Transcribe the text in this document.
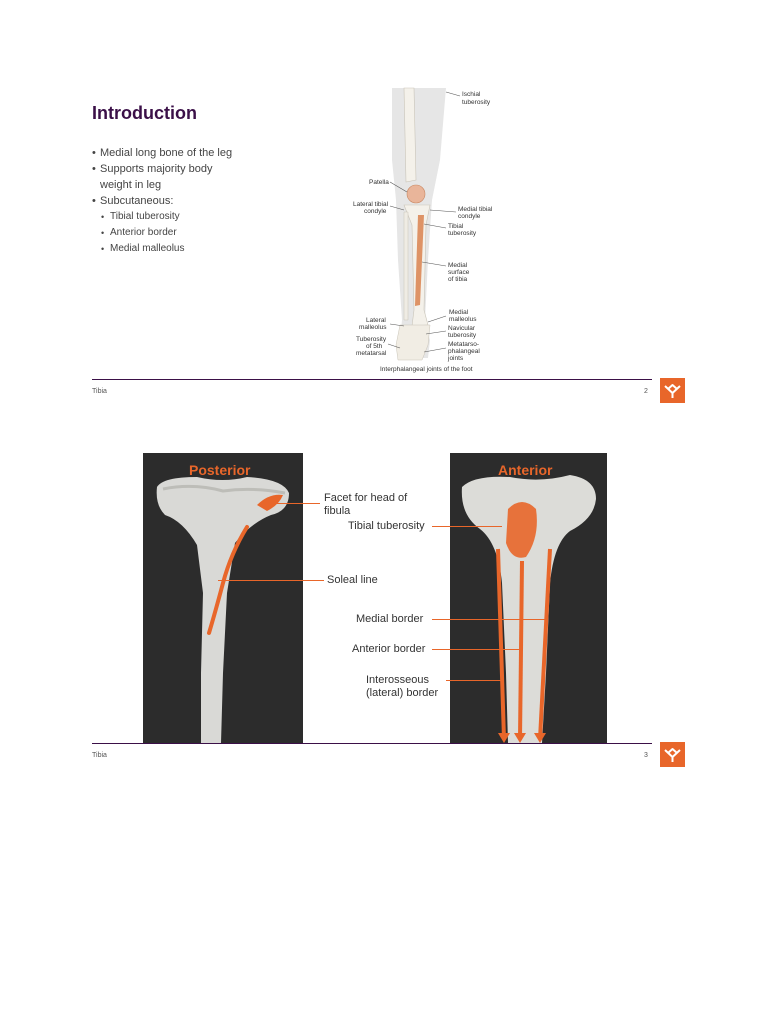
Introduction
• Medial long bone of the leg
• Supports majority body
weight in leg
• Subcutaneous:
• Tibial tuberosity
• Anterior border
• Medial malleolus
Ischial
tuberosity
Patella
Lateral tibial
condyle	Medial tibial
condyle
Tibial
tuberosity
Medial
surface
of tibia
Medial
malleolus
Lateral
malleolus	Navicular
tuberosity
Tuberosity
of 5th
metatarsal
Metatarso-
phalangeal
joints
Interphalangeal joints of the foot
Tibia	2
Posterior	Anterior
Facet for head of
fibula
Tibial tuberosity
Soleal line
Medial border
Anterior border
Interosseous
(lateral) border
Tibia	3
